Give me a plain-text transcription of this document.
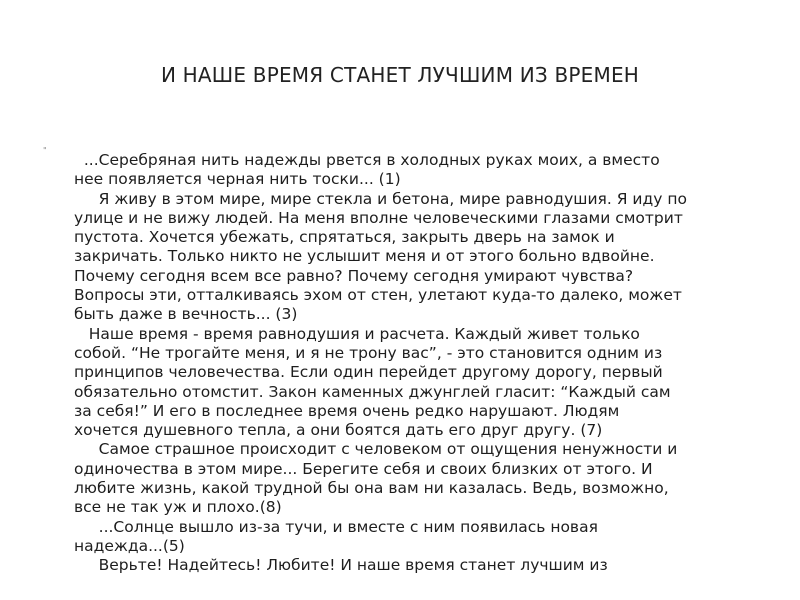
И НАШЕ ВРЕМЯ СТАНЕТ ЛУЧШИМ ИЗ ВРЕМЕН
"

...Серебряная нить надежды рвется в холодных руках моих, а вместо
нее появляется черная нить тоски... (1)

Я живу в этом мире, мире стекла и бетона, мире равнодушия. Я иду по
улице и не вижу людей. На меня вполне человеческими глазами смотрит
пустота. Хочется убежать, спрятаться, закрыть дверь на замок и
закричать. Только никто не услышит меня и от этого больно вдвойне.
Почему сегодня всем все равно? Почему сегодня умирают чувства?
Вопросы эти, отталкиваясь эхом от стен, улетают куда-то далеко, может
быть даже в вечность... (3)

Наше время - время равнодушия и расчета. Каждый живет только
собой. “Не трогайте меня, и я не трону вас”, - это становится одним из
принципов человечества. Если один перейдет другому дорогу, первый
обязательно отомстит. Закон каменных джунглей гласит: “Каждый сам
за себя!” И его в последнее время очень редко нарушают. Людям
хочется душевного тепла, а они боятся дать его друг другу. (7)

Самое страшное происходит с человеком от ощущения ненужности и
одиночества в этом мире... Берегите себя и своих близких от этого. И
любите жизнь, какой трудной бы она вам ни казалась. Ведь, возможно,
все не так уж и плохо.(8)

...Солнце вышло из-за тучи, и вместе с ним появилась новая
надежда...(5)

Верьте! Надейтесь! Любите! И наше время станет лучшим из
